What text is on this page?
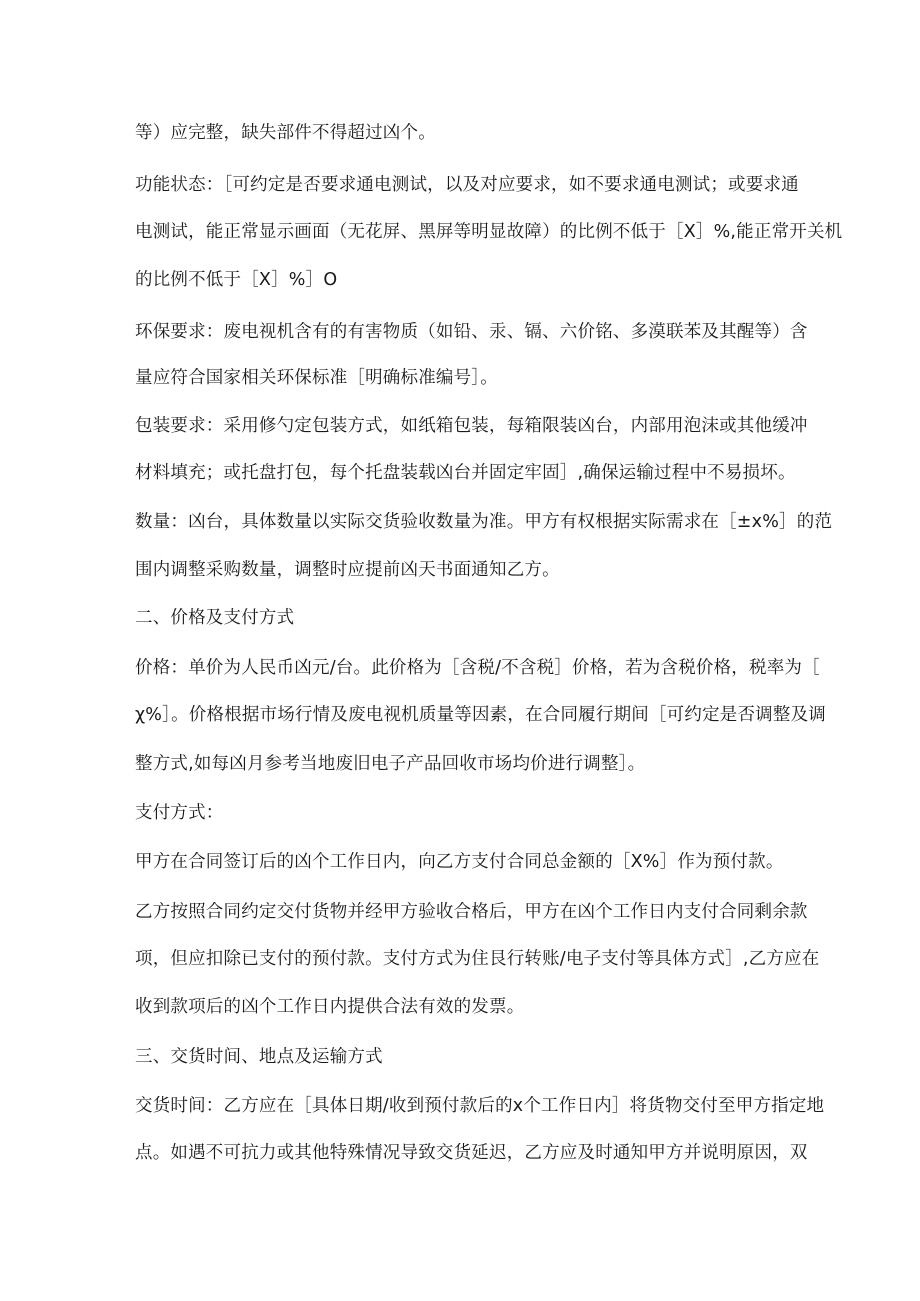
等）应完整，缺失部件不得超过凶个。
功能状态：［可约定是否要求通电测试，以及对应要求，如不要求通电测试；或要求通
电测试，能正常显示画面（无花屏、黑屏等明显故障）的比例不低于［X］%,能正常开关机
的比例不低于［X］%］O
环保要求：废电视机含有的有害物质（如铅、汞、镉、六价铭、多漠联苯及其醒等）含
量应符合国家相关环保标准［明确标准编号］。
包装要求：采用修勺定包装方式，如纸箱包装，每箱限装凶台，内部用泡沫或其他缓冲
材料填充；或托盘打包，每个托盘装载凶台并固定牢固］,确保运输过程中不易损坏。
数量：凶台，具体数量以实际交货验收数量为准。甲方有权根据实际需求在［±x%］的范
围内调整采购数量，调整时应提前凶天书面通知乙方。
二、价格及支付方式
价格：单价为人民币凶元/台。此价格为［含税/不含税］价格，若为含税价格，税率为［
χ%］。价格根据市场行情及废电视机质量等因素，在合同履行期间［可约定是否调整及调
整方式,如每凶月参考当地废旧电子产品回收市场均价进行调整］。
支付方式：
甲方在合同签订后的凶个工作日内，向乙方支付合同总金额的［X%］作为预付款。
乙方按照合同约定交付货物并经甲方验收合格后，甲方在凶个工作日内支付合同剩余款
项，但应扣除已支付的预付款。支付方式为住艮行转账/电子支付等具体方式］,乙方应在
收到款项后的凶个工作日内提供合法有效的发票。
三、交货时间、地点及运输方式
交货时间：乙方应在［具体日期/收到预付款后的x个工作日内］将货物交付至甲方指定地
点。如遇不可抗力或其他特殊情况导致交货延迟，乙方应及时通知甲方并说明原因，双
